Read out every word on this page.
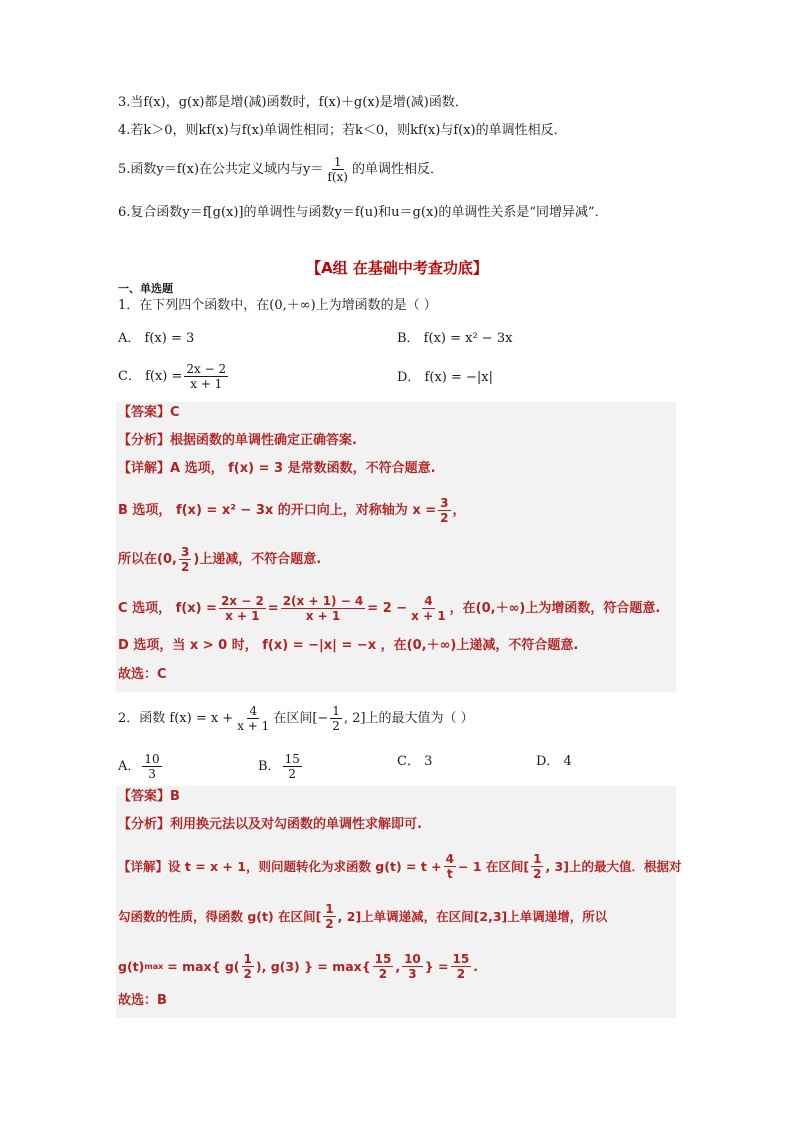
3.当f(x)，g(x)都是增(减)函数时，f(x)＋g(x)是增(减)函数．
4.若k＞0，则kf(x)与f(x)单调性相同；若k＜0，则kf(x)与f(x)的单调性相反．
5.函数y＝f(x)在公共定义域内与$y= \frac{1}{f(x)}$ 的单调性相反．
6.复合函数y＝f[g(x)]的单调性与函数y＝f(u)和u＝g(x)的单调性关系是“同增异减”．
【A组 在基础中考查功底】
一、单选题
1．在下列四个函数中，在(0,＋∞)上为增函数的是（ ）
A． f(x) = 3	B． f(x) = x² − 3x
C． $f(x) = \frac{2x - 2}{x + 1}$	D． f(x) = −|x|
【答案】C
【分析】根据函数的单调性确定正确答案.
【详解】A 选项， f(x) = 3 是常数函数，不符合题意.
B 选项， f(x) = x² − 3x 的开口向上，对称轴为 $x = \frac{3}{2}$ ，
所以在 (0, $\frac{3}{2}$ ) 上递减，不符合题意.
C 选项， $f(x) = \frac{2x - 2}{x + 1} = \frac{2(x + 1) - 4}{x + 1} = 2 - \frac{4}{x + 1}$ ，在(0,＋∞)上为增函数，符合题意.
D 选项，当 x > 0 时， f(x) = −|x| = −x ，在(0,＋∞)上递减，不符合题意.
故选：C
2．函数 $f(x) = x + \frac{4}{x + 1}$ 在区间 [− $\frac{1}{2}$ , 2] 上的最大值为（ ）
A． $\frac{10}{3}$	B． $\frac{15}{2}$	C． 3	D． 4
【答案】B
【分析】利用换元法以及对勾函数的单调性求解即可.
【详解】 设 t = x + 1，则问题转化为求函数 $g(t) = t + \frac{4}{t} - 1$ 在区间 [ $\frac{1}{2}$ , 3] 上的最大值．根据对
勾函数的性质，得函数 g(t) 在区间 [ $\frac{1}{2}$ , 2] 上单调递减，在区间 [2,3] 上单调递增，所以
g(t) max = max{ $g( \frac{1}{2}$ ), g(3) } = $\max\{ \frac{15}{2}$ , $\frac{10}{3}$ } = $\frac{15}{2}$ .
故选：B
